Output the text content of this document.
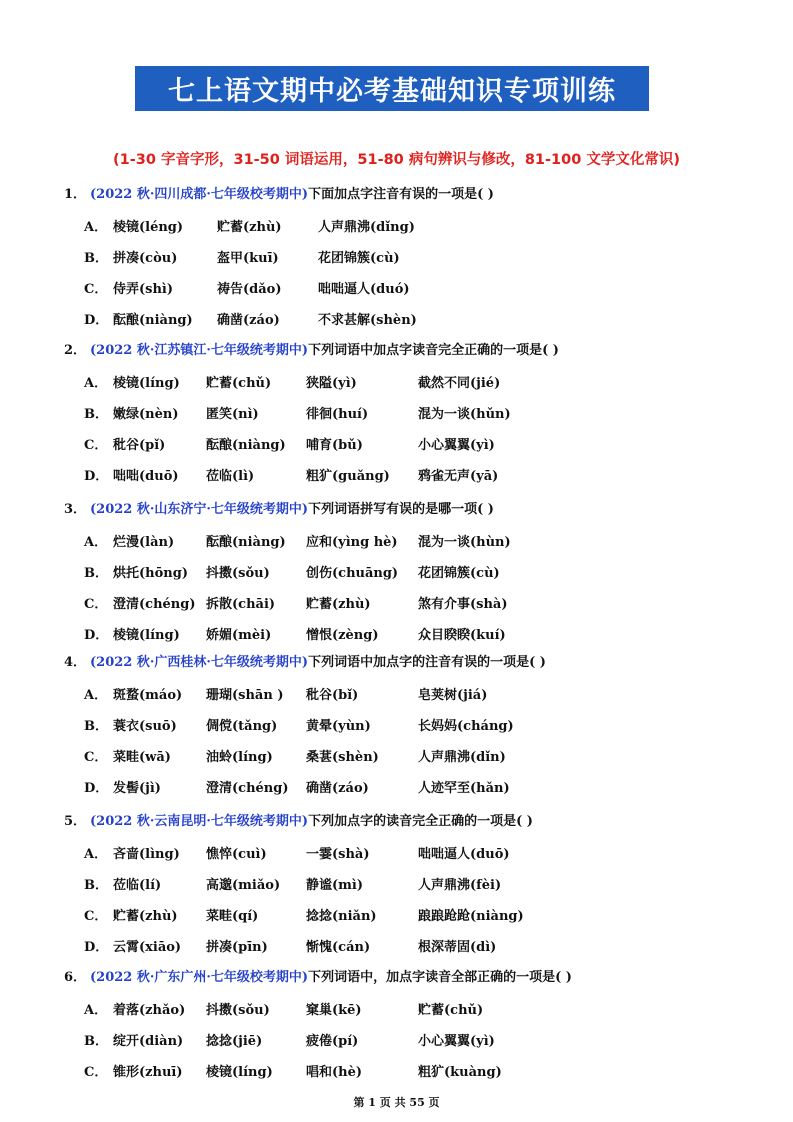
七上语文期中必考基础知识专项训练
(1-30 字音字形，31-50 词语运用，51-80 病句辨识与修改，81-100 文学文化常识)
1． (2022 秋·四川成都·七年级校考期中)下面加点字注音有误的一项是( )
A． 棱镜(léng)	贮蓄(zhù)	人声鼎沸(dǐng)
B． 拼凑(còu)	盔甲(kuī)	花团锦簇(cù)
C． 侍弄(shì)	祷告(dǎo)	咄咄逼人(duó)
D． 酝酿(niàng) 确凿(záo)	不求甚解(shèn)
2． (2022 秋·江苏镇江·七年级统考期中)下列词语中加点字读音完全正确的一项是( )
A． 棱镜(líng) 贮蓄(chǔ)	狭隘(yì)	截然不同(jié)
B． 嫩绿(nèn) 匿笑(nì)	徘徊(huí)	混为一谈(hǔn)
C． 秕谷(pǐ)	酝酿(niàng) 哺育(bǔ)	小心翼翼(yì)
D． 咄咄(duō) 莅临(lì)	粗犷(guǎng) 鸦雀无声(yā)
3． (2022 秋·山东济宁·七年级统考期中)下列词语拼写有误的是哪一项( )
A． 烂漫(làn) 酝酿(niàng) 应和(yìng hè) 混为一谈(hùn)
B． 烘托(hōng) 抖擞(sǒu)	创伤(chuāng) 花团锦簇(cù)
C． 澄清(chéng) 拆散(chāi) 贮蓄(zhù)	煞有介事(shà)
D． 棱镜(líng) 娇媚(mèi)	憎恨(zèng)	众目睽睽(kuí)
4． (2022 秋·广西桂林·七年级统考期中)下列词语中加点字的注音有误的一项是( )
A． 斑蝥(máo) 珊瑚(shān ) 秕谷(bǐ)	皂荚树(jiá)
B． 蓑衣(suō) 倜傥(tǎng) 黄晕(yùn)	长妈妈(cháng)
C． 菜畦(wā)	油蛉(líng)	桑葚(shèn)	人声鼎沸(dǐn)
D． 发髻(jì)	澄清(chéng) 确凿(záo)	人迹罕至(hǎn)
5． (2022 秋·云南昆明·七年级统考期中)下列加点字的读音完全正确的一项是( )
A． 吝啬(lìng) 憔悴(cuì)	一霎(shà)	咄咄逼人(duō)
B． 莅临(lí)	高邈(miǎo) 静谧(mì)	人声鼎沸(fèi)
C． 贮蓄(zhù) 菜畦(qí)	捻捻(niǎn)	踉踉跄跄(niàng)
D． 云霄(xiāo) 拼凑(pīn)	惭愧(cán)	根深蒂固(dì)
6． (2022 秋·广东广州·七年级校考期中)下列词语中，加点字读音全部正确的一项是( )
A． 着落(zhǎo) 抖擞(sǒu)	窠巢(kē)	贮蓄(chǔ)
B． 绽开(diàn) 捻捻(jiē)	疲倦(pí)	小心翼翼(yì)
C． 锥形(zhuī) 棱镜(líng)	唱和(hè)	粗犷(kuàng)
第 1 页 共 55 页
